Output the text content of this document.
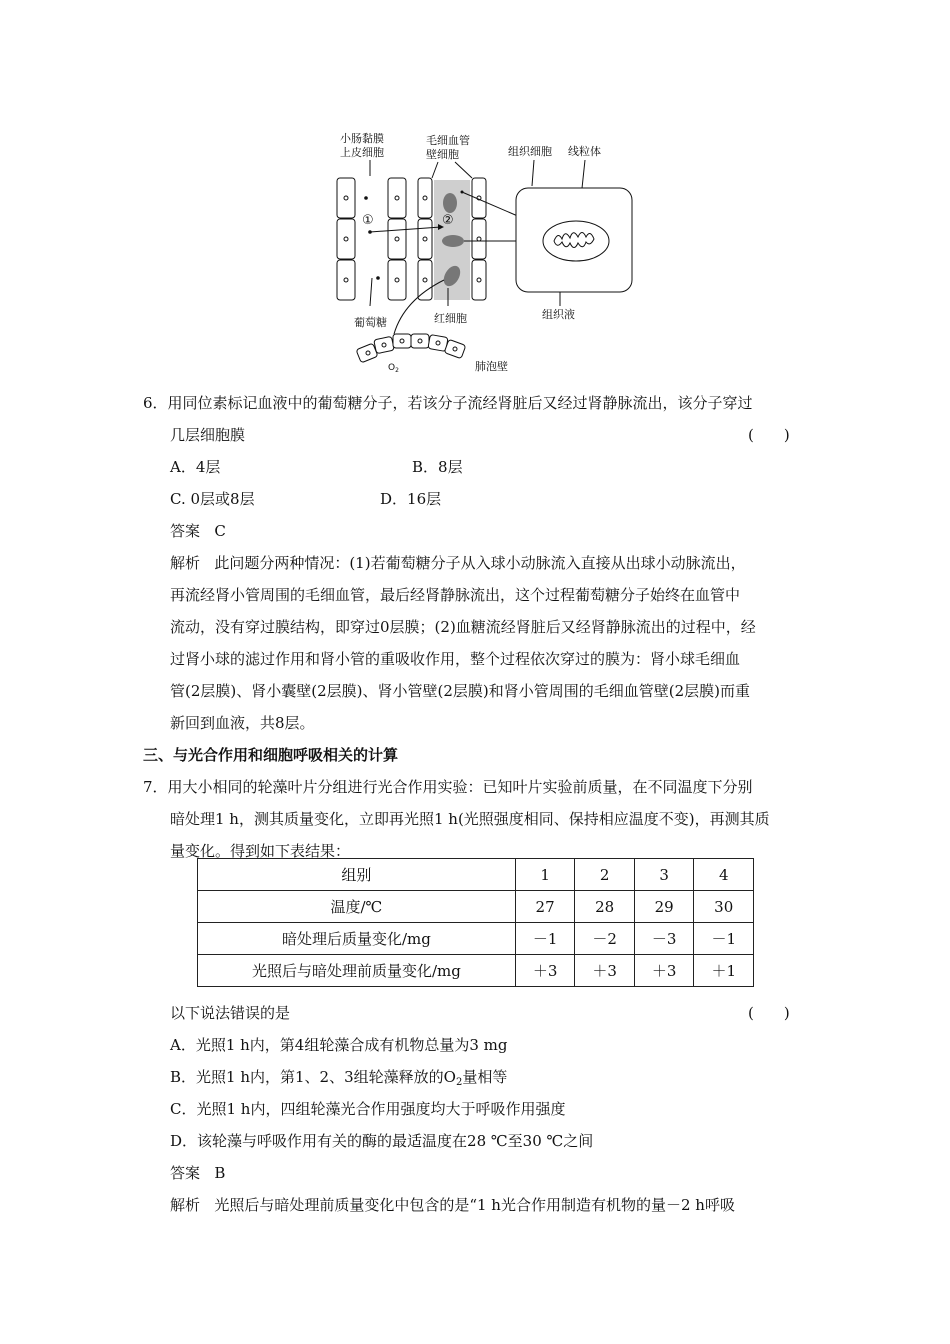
小肠黏膜
上皮细胞
毛细血管
壁细胞	组织细胞 线粒体
①	②
组织液
葡萄糖	红细胞
$O_2$	肺泡壁
6．用同位素标记血液中的葡萄糖分子，若该分子流经肾脏后又经过肾静脉流出，该分子穿过
几层细胞膜	(　　)
A．4层	B．8层
C. 0层或8层	D．16层
答案 C
解析 此问题分两种情况：(1)若葡萄糖分子从入球小动脉流入直接从出球小动脉流出，
再流经肾小管周围的毛细血管，最后经肾静脉流出，这个过程葡萄糖分子始终在血管中
流动，没有穿过膜结构，即穿过0层膜；(2)血糖流经肾脏后又经肾静脉流出的过程中，经
过肾小球的滤过作用和肾小管的重吸收作用，整个过程依次穿过的膜为：肾小球毛细血
管(2层膜)、肾小囊壁(2层膜)、肾小管壁(2层膜)和肾小管周围的毛细血管壁(2层膜)而重
新回到血液，共8层。
三、与光合作用和细胞呼吸相关的计算
7．用大小相同的轮藻叶片分组进行光合作用实验：已知叶片实验前质量，在不同温度下分别
暗处理1 h，测其质量变化，立即再光照1 h(光照强度相同、保持相应温度不变)，再测其质
量变化。得到如下表结果：
组别	1	2	3	4
温度/℃	27	28	29	30
暗处理后质量变化/mg	－1	－2	－3	－1
光照后与暗处理前质量变化/mg	＋3	＋3	＋3	＋1
以下说法错误的是	(　　)
A．光照1 h内，第4组轮藻合成有机物总量为3 mg
B．光照1 h内，第1、2、3组轮藻释放的$O_2$量相等
C．光照1 h内，四组轮藻光合作用强度均大于呼吸作用强度
D．该轮藻与呼吸作用有关的酶的最适温度在28 ℃至30 ℃之间
答案 B
解析 光照后与暗处理前质量变化中包含的是“1 h光合作用制造有机物的量－2 h呼吸
